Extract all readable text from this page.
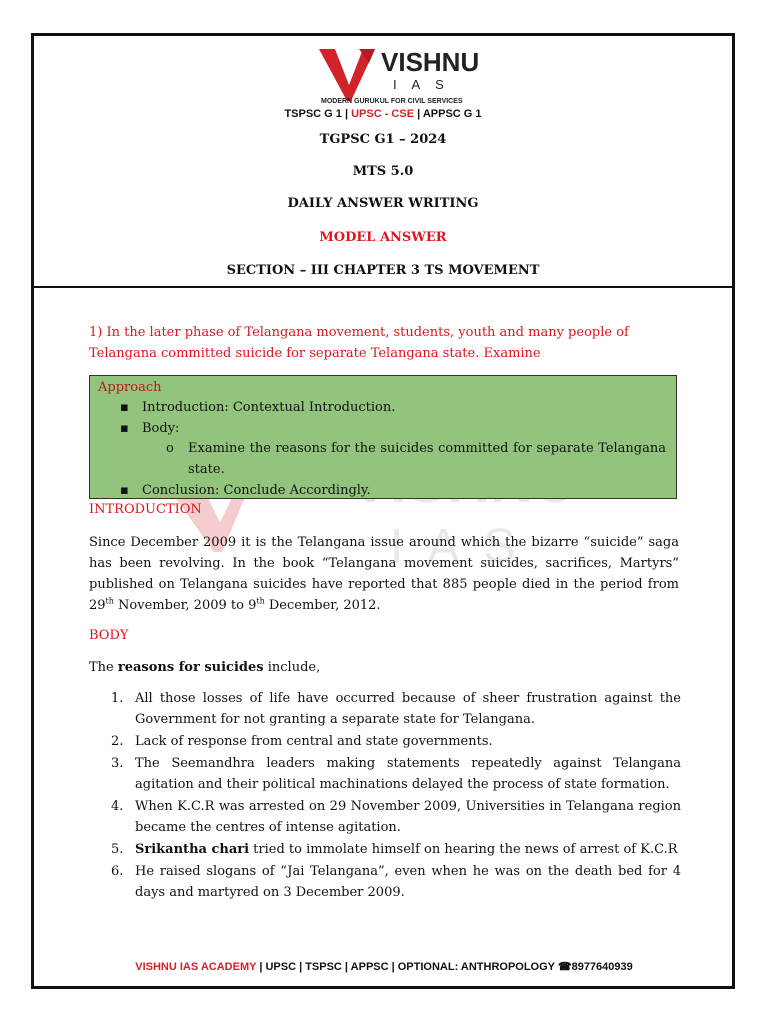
VISHNU
I A S
MODERN GURUKUL FOR CIVIL SERVICES
TSPSC G 1 | UPSC - CSE | APPSC G 1
TGPSC G1 – 2024
MTS 5.0
DAILY ANSWER WRITING
MODEL ANSWER
SECTION – III CHAPTER 3 TS MOVEMENT
IAS
1) In the later phase of Telangana movement, students, youth and many people of Telangana committed suicide for separate Telangana state. Examine
Approach
▪ Introduction: Contextual Introduction.
▪ Body:
o	Examine the reasons for the suicides committed for separate Telangana state.
▪ Conclusion: Conclude Accordingly.
INTRODUCTION
Since December 2009 it is the Telangana issue around which the bizarre “suicide” saga has been revolving. In the book “Telangana movement suicides, sacrifices, Martyrs” published on Telangana suicides have reported that 885 people died in the period from 29th November, 2009 to 9th December, 2012.
BODY
The reasons for suicides include,
1. All those losses of life have occurred because of sheer frustration against the Government for not granting a separate state for Telangana.
2. Lack of response from central and state governments.
3. The Seemandhra leaders making statements repeatedly against Telangana agitation and their political machinations delayed the process of state formation.
4. When K.C.R was arrested on 29 November 2009, Universities in Telangana region became the centres of intense agitation.
5. Srikantha chari tried to immolate himself on hearing the news of arrest of K.C.R
6. He raised slogans of “Jai Telangana”, even when he was on the death bed for 4 days and martyred on 3 December 2009.
VISHNU IAS ACADEMY | UPSC | TSPSC | APPSC | OPTIONAL: ANTHROPOLOGY ☎8977640939
